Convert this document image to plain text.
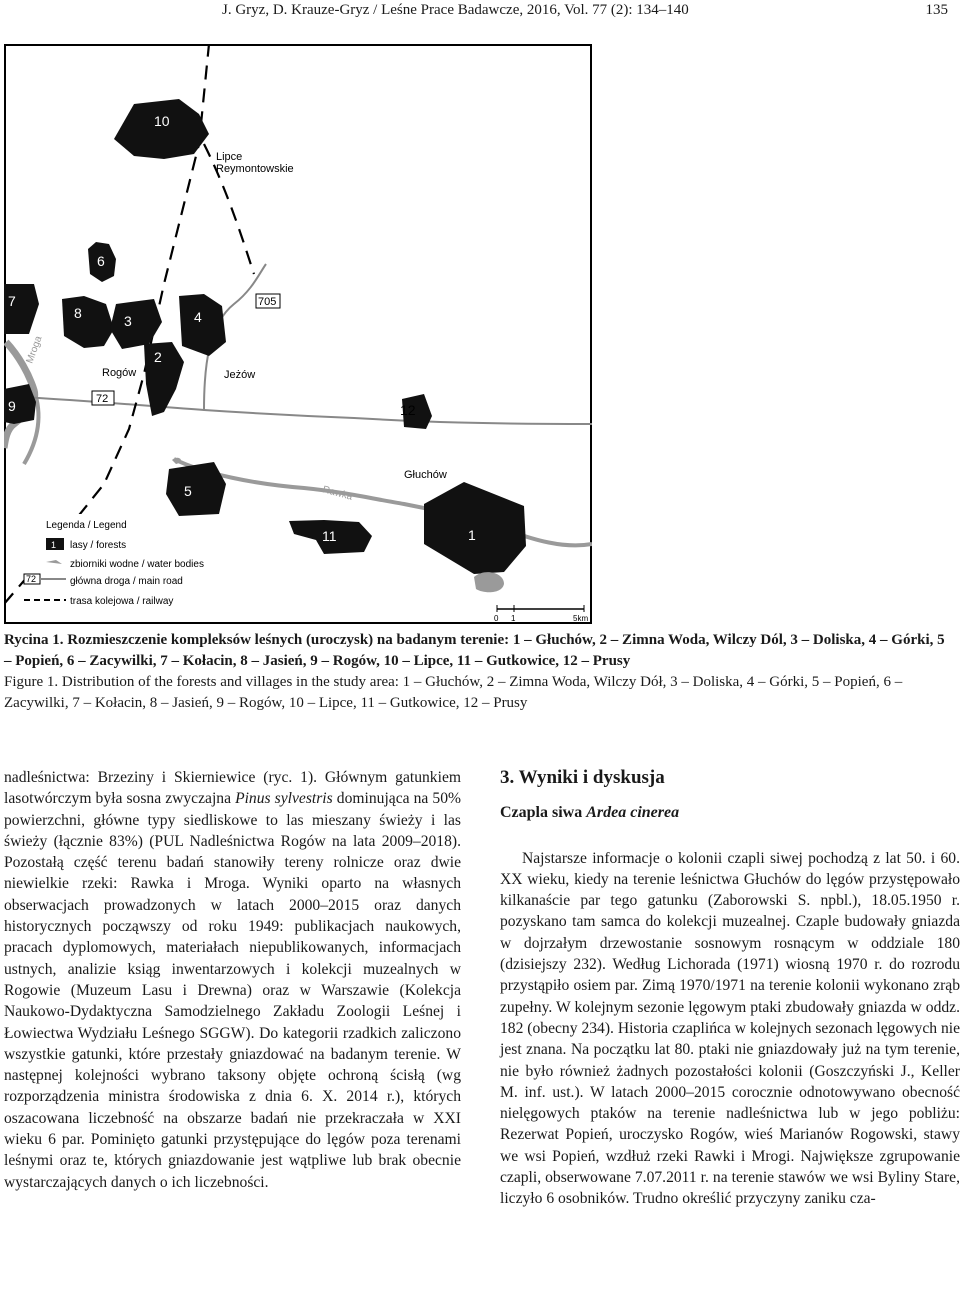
J. Gryz, D. Krauze-Gryz / Leśne Prace Badawcze, 2016, Vol. 77 (2): 134–140	135
10
6
7
8	3	4
2
9	12
5
11	1
Lipce
Reymontowskie
Rogów	Jeżów
Głuchów
Mroga
Rawka
705
72
Legenda / Legend
1 lasy / forests
zbiorniki wodne / water bodies
72	główna droga / main road
trasa kolejowa / railway
0 1	5km
Rycina 1. Rozmieszczenie kompleksów leśnych (uroczysk) na badanym terenie: 1 – Głuchów, 2 – Zimna Woda, Wilczy Dól, 3 – Doliska, 4 – Górki, 5 – Popień, 6 – Zacywilki, 7 – Kołacin, 8 – Jasień, 9 – Rogów, 10 – Lipce, 11 – Gutkowice, 12 – Prusy
Figure 1. Distribution of the forests and villages in the study area: 1 – Głuchów, 2 – Zimna Woda, Wilczy Dół, 3 – Doliska, 4 – Górki, 5 – Popień, 6 – Zacywilki, 7 – Kołacin, 8 – Jasień, 9 – Rogów, 10 – Lipce, 11 – Gutkowice, 12 – Prusy

nadleśnictwa: Brzeziny i Skierniewice (ryc. 1). Głównym gatunkiem lasotwórczym była sosna zwyczajna Pinus sylvestris dominująca na 50% powierzchni, główne typy siedliskowe to las mieszany świeży i las świeży (łącznie 83%) (PUL Nadleśnictwa Rogów na lata 2009–2018). Pozostałą część terenu badań stanowiły tereny rolnicze oraz dwie niewielkie rzeki: Rawka i Mroga. Wyniki oparto na własnych obserwacjach prowadzonych w latach 2000–2015 oraz danych historycznych począwszy od roku 1949: publikacjach naukowych, pracach dyplomowych, materiałach niepublikowanych, informacjach ustnych, analizie ksiąg inwentarzowych i kolekcji muzealnych w Rogowie (Muzeum Lasu i Drewna) oraz w Warszawie (Kolekcja Naukowo-Dydaktyczna Samodzielnego Zakładu Zoologii Leśnej i Łowiectwa Wydziału Leśnego SGGW). Do kategorii rzadkich zaliczono wszystkie gatunki, które przestały gniazdować na badanym terenie. W następnej kolejności wybrano taksony objęte ochroną ścisłą (wg rozporządzenia ministra środowiska z dnia 6. X. 2014 r.), których oszacowana liczebność na obszarze badań nie przekraczała w XXI wieku 6 par. Pominięto gatunki przystępujące do lęgów poza terenami leśnymi oraz te, których gniazdowanie jest wątpliwe lub brak obecnie wystarczających danych o ich liczebności.

3. Wyniki i dyskusja
Czapla siwa Ardea cinerea

Najstarsze informacje o kolonii czapli siwej pochodzą z lat 50. i 60. XX wieku, kiedy na terenie leśnictwa Głuchów do lęgów przystępowało kilkanaście par tego gatunku (Zaborowski S. npbl.), 18.05.1950 r. pozyskano tam samca do kolekcji muzealnej. Czaple budowały gniazda w dojrzałym drzewostanie sosnowym rosnącym w oddziale 180 (dzisiejszy 232). Według Lichorada (1971) wiosną 1970 r. do rozrodu przystąpiło osiem par. Zimą 1970/1971 na terenie kolonii wykonano zrąb zupełny. W kolejnym sezonie lęgowym ptaki zbudowały gniazda w oddz. 182 (obecny 234). Historia czaplińca w kolejnych sezonach lęgowych nie jest znana. Na początku lat 80. ptaki nie gniazdowały już na tym terenie, nie było również żadnych pozostałości kolonii (Goszczyński J., Keller M. inf. ust.). W latach 2000–2015 corocznie odnotowywano obecność nielęgowych ptaków na terenie nadleśnictwa lub w jego pobliżu: Rezerwat Popień, uroczysko Rogów, wieś Marianów Rogowski, stawy we wsi Popień, wzdłuż rzeki Rawki i Mrogi. Największe zgrupowanie czapli, obserwowane 7.07.2011 r. na terenie stawów we wsi Byliny Stare, liczyło 6 osobników. Trudno określić przyczyny zaniku cza-
